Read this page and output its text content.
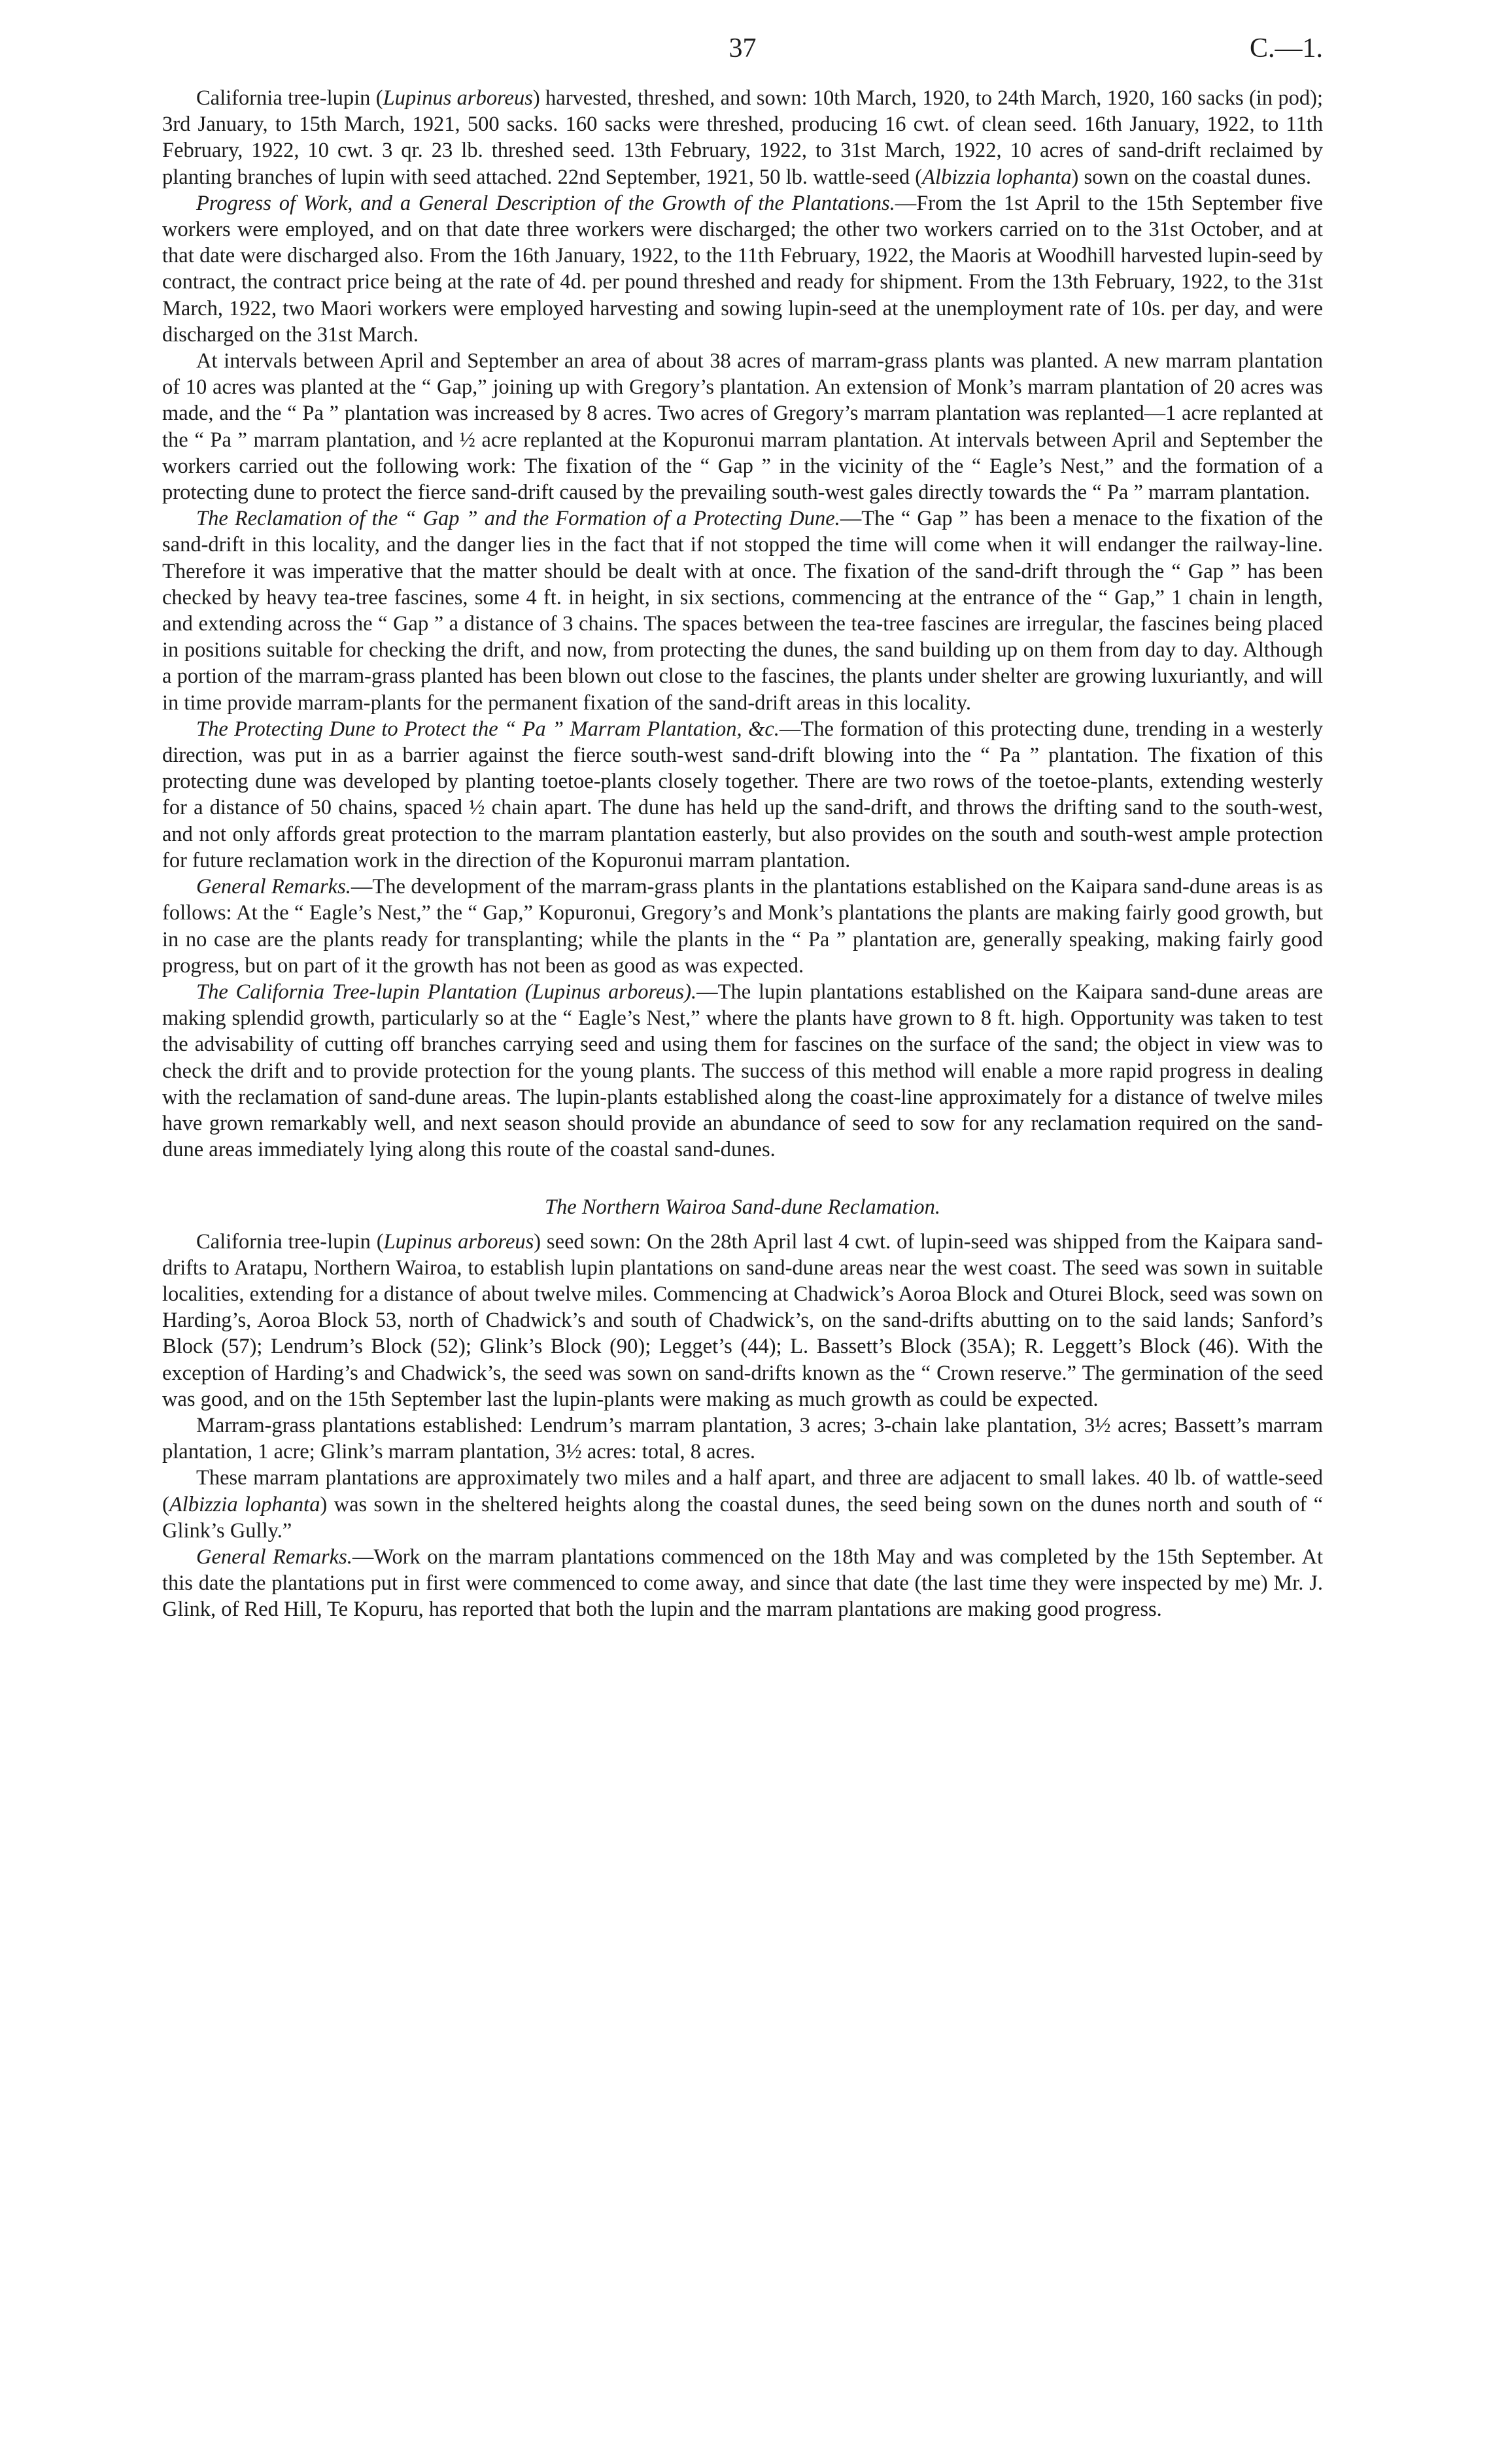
37	C.—1.

California tree-lupin (Lupinus arboreus) harvested, threshed, and sown: 10th March, 1920, to 24th March, 1920, 160 sacks (in pod); 3rd January, to 15th March, 1921, 500 sacks. 160 sacks were threshed, producing 16 cwt. of clean seed. 16th January, 1922, to 11th February, 1922, 10 cwt. 3 qr. 23 lb. threshed seed. 13th February, 1922, to 31st March, 1922, 10 acres of sand-drift reclaimed by planting branches of lupin with seed attached. 22nd September, 1921, 50 lb. wattle-seed (Albizzia lophanta) sown on the coastal dunes.

Progress of Work, and a General Description of the Growth of the Plantations.—From the 1st April to the 15th September five workers were employed, and on that date three workers were discharged; the other two workers carried on to the 31st October, and at that date were discharged also. From the 16th January, 1922, to the 11th February, 1922, the Maoris at Woodhill harvested lupin-seed by contract, the contract price being at the rate of 4d. per pound threshed and ready for shipment. From the 13th February, 1922, to the 31st March, 1922, two Maori workers were employed harvesting and sowing lupin-seed at the unemployment rate of 10s. per day, and were discharged on the 31st March.

At intervals between April and September an area of about 38 acres of marram-grass plants was planted. A new marram plantation of 10 acres was planted at the “ Gap,” joining up with Gregory’s plantation. An extension of Monk’s marram plantation of 20 acres was made, and the “ Pa ” plantation was increased by 8 acres. Two acres of Gregory’s marram plantation was replanted—1 acre replanted at the “ Pa ” marram plantation, and ½ acre replanted at the Kopuronui marram plantation. At intervals between April and September the workers carried out the following work: The fixation of the “ Gap ” in the vicinity of the “ Eagle’s Nest,” and the formation of a protecting dune to protect the fierce sand-drift caused by the prevailing south-west gales directly towards the “ Pa ” marram plantation.

The Reclamation of the “ Gap ” and the Formation of a Protecting Dune.—The “ Gap ” has been a menace to the fixation of the sand-drift in this locality, and the danger lies in the fact that if not stopped the time will come when it will endanger the railway-line. Therefore it was imperative that the matter should be dealt with at once. The fixation of the sand-drift through the “ Gap ” has been checked by heavy tea-tree fascines, some 4 ft. in height, in six sections, commencing at the entrance of the “ Gap,” 1 chain in length, and extending across the “ Gap ” a distance of 3 chains. The spaces between the tea-tree fascines are irregular, the fascines being placed in positions suitable for checking the drift, and now, from protecting the dunes, the sand building up on them from day to day. Although a portion of the marram-grass planted has been blown out close to the fascines, the plants under shelter are growing luxuriantly, and will in time provide marram-plants for the permanent fixation of the sand-drift areas in this locality.

The Protecting Dune to Protect the “ Pa ” Marram Plantation, &c.—The formation of this protecting dune, trending in a westerly direction, was put in as a barrier against the fierce south-west sand-drift blowing into the “ Pa ” plantation. The fixation of this protecting dune was developed by planting toetoe-plants closely together. There are two rows of the toetoe-plants, extending westerly for a distance of 50 chains, spaced ½ chain apart. The dune has held up the sand-drift, and throws the drifting sand to the south-west, and not only affords great protection to the marram plantation easterly, but also provides on the south and south-west ample protection for future reclamation work in the direction of the Kopuronui marram plantation.

General Remarks.—The development of the marram-grass plants in the plantations established on the Kaipara sand-dune areas is as follows: At the “ Eagle’s Nest,” the “ Gap,” Kopuronui, Gregory’s and Monk’s plantations the plants are making fairly good growth, but in no case are the plants ready for transplanting; while the plants in the “ Pa ” plantation are, generally speaking, making fairly good progress, but on part of it the growth has not been as good as was expected.

The California Tree-lupin Plantation (Lupinus arboreus).—The lupin plantations established on the Kaipara sand-dune areas are making splendid growth, particularly so at the “ Eagle’s Nest,” where the plants have grown to 8 ft. high. Opportunity was taken to test the advisability of cutting off branches carrying seed and using them for fascines on the surface of the sand; the object in view was to check the drift and to provide protection for the young plants. The success of this method will enable a more rapid progress in dealing with the reclamation of sand-dune areas. The lupin-plants established along the coast-line approximately for a distance of twelve miles have grown remarkably well, and next season should provide an abundance of seed to sow for any reclamation required on the sand-dune areas immediately lying along this route of the coastal sand-dunes.

The Northern Wairoa Sand-dune Reclamation.

California tree-lupin (Lupinus arboreus) seed sown: On the 28th April last 4 cwt. of lupin-seed was shipped from the Kaipara sand-drifts to Aratapu, Northern Wairoa, to establish lupin plantations on sand-dune areas near the west coast. The seed was sown in suitable localities, extending for a distance of about twelve miles. Commencing at Chadwick’s Aoroa Block and Oturei Block, seed was sown on Harding’s, Aoroa Block 53, north of Chadwick’s and south of Chadwick’s, on the sand-drifts abutting on to the said lands; Sanford’s Block (57); Lendrum’s Block (52); Glink’s Block (90); Legget’s (44); L. Bassett’s Block (35A); R. Leggett’s Block (46). With the exception of Harding’s and Chadwick’s, the seed was sown on sand-drifts known as the “ Crown reserve.” The germination of the seed was good, and on the 15th September last the lupin-plants were making as much growth as could be expected.

Marram-grass plantations established: Lendrum’s marram plantation, 3 acres; 3-chain lake plantation, 3½ acres; Bassett’s marram plantation, 1 acre; Glink’s marram plantation, 3½ acres: total, 8 acres.

These marram plantations are approximately two miles and a half apart, and three are adjacent to small lakes. 40 lb. of wattle-seed (Albizzia lophanta) was sown in the sheltered heights along the coastal dunes, the seed being sown on the dunes north and south of “ Glink’s Gully.”

General Remarks.—Work on the marram plantations commenced on the 18th May and was completed by the 15th September. At this date the plantations put in first were commenced to come away, and since that date (the last time they were inspected by me) Mr. J. Glink, of Red Hill, Te Kopuru, has reported that both the lupin and the marram plantations are making good progress.
